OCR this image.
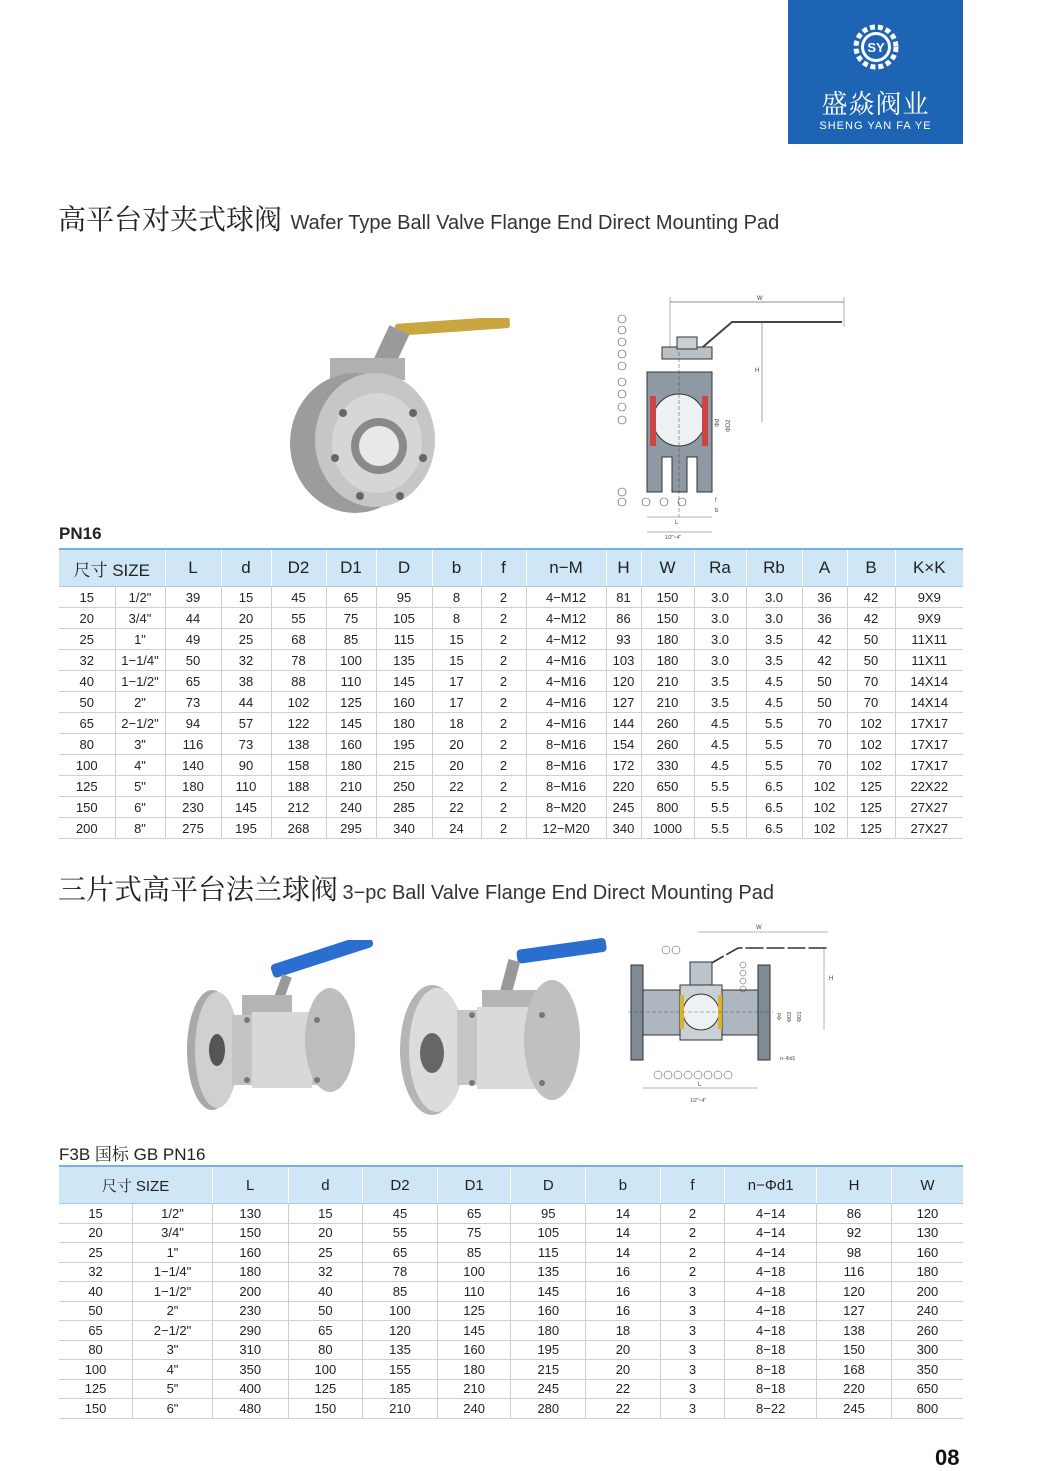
SY
盛焱阀业
SHENG YAN FA YE
高平台对夹式球阀 Wafer Type Ball Valve Flange End Direct Mounting Pad
W
H
Φd ΦD2
L
f
b
1/2"~4"
PN16
尺寸 SIZE		L	d	D2	D1	D	b	f	n−M	H	W	Ra	Rb	A	B	K×K
15	1/2"	39	15	45	65	95	8	2	4−M12	81	150	3.0	3.0	36	42	9X9
20	3/4"	44	20	55	75	105	8	2	4−M12	86	150	3.0	3.0	36	42	9X9
25	1"	49	25	68	85	115	15	2	4−M12	93	180	3.0	3.5	42	50	11X11
32	1−1/4"	50	32	78	100	135	15	2	4−M16	103	180	3.0	3.5	42	50	11X11
40	1−1/2"	65	38	88	110	145	17	2	4−M16	120	210	3.5	4.5	50	70	14X14
50	2"	73	44	102	125	160	17	2	4−M16	127	210	3.5	4.5	50	70	14X14
65	2−1/2"	94	57	122	145	180	18	2	4−M16	144	260	4.5	5.5	70	102	17X17
80	3"	116	73	138	160	195	20	2	8−M16	154	260	4.5	5.5	70	102	17X17
100	4"	140	90	158	180	215	20	2	8−M16	172	330	4.5	5.5	70	102	17X17
125	5"	180	110	188	210	250	22	2	8−M16	220	650	5.5	6.5	102	125	22X22
150	6"	230	145	212	240	285	22	2	8−M20	245	800	5.5	6.5	102	125	27X27
200	8"	275	195	268	295	340	24	2	12−M20	340	1000	5.5	6.5	102	125	27X27
三片式高平台法兰球阀 3−pc Ball Valve Flange End Direct Mounting Pad
W
H
Φd ΦD2 ΦD1
n−Φd1
L
1/2"~4"
F3B 国标 GB PN16
尺寸 SIZE		L	d	D2	D1	D	b	f	n−Φd1	H	W
15	1/2"	130	15	45	65	95	14	2	4−14	86	120
20	3/4"	150	20	55	75	105	14	2	4−14	92	130
25	1"	160	25	65	85	115	14	2	4−14	98	160
32	1−1/4"	180	32	78	100	135	16	2	4−18	116	180
40	1−1/2"	200	40	85	110	145	16	3	4−18	120	200
50	2"	230	50	100	125	160	16	3	4−18	127	240
65	2−1/2"	290	65	120	145	180	18	3	4−18	138	260
80	3"	310	80	135	160	195	20	3	8−18	150	300
100	4"	350	100	155	180	215	20	3	8−18	168	350
125	5"	400	125	185	210	245	22	3	8−18	220	650
150	6"	480	150	210	240	280	22	3	8−22	245	800
08
